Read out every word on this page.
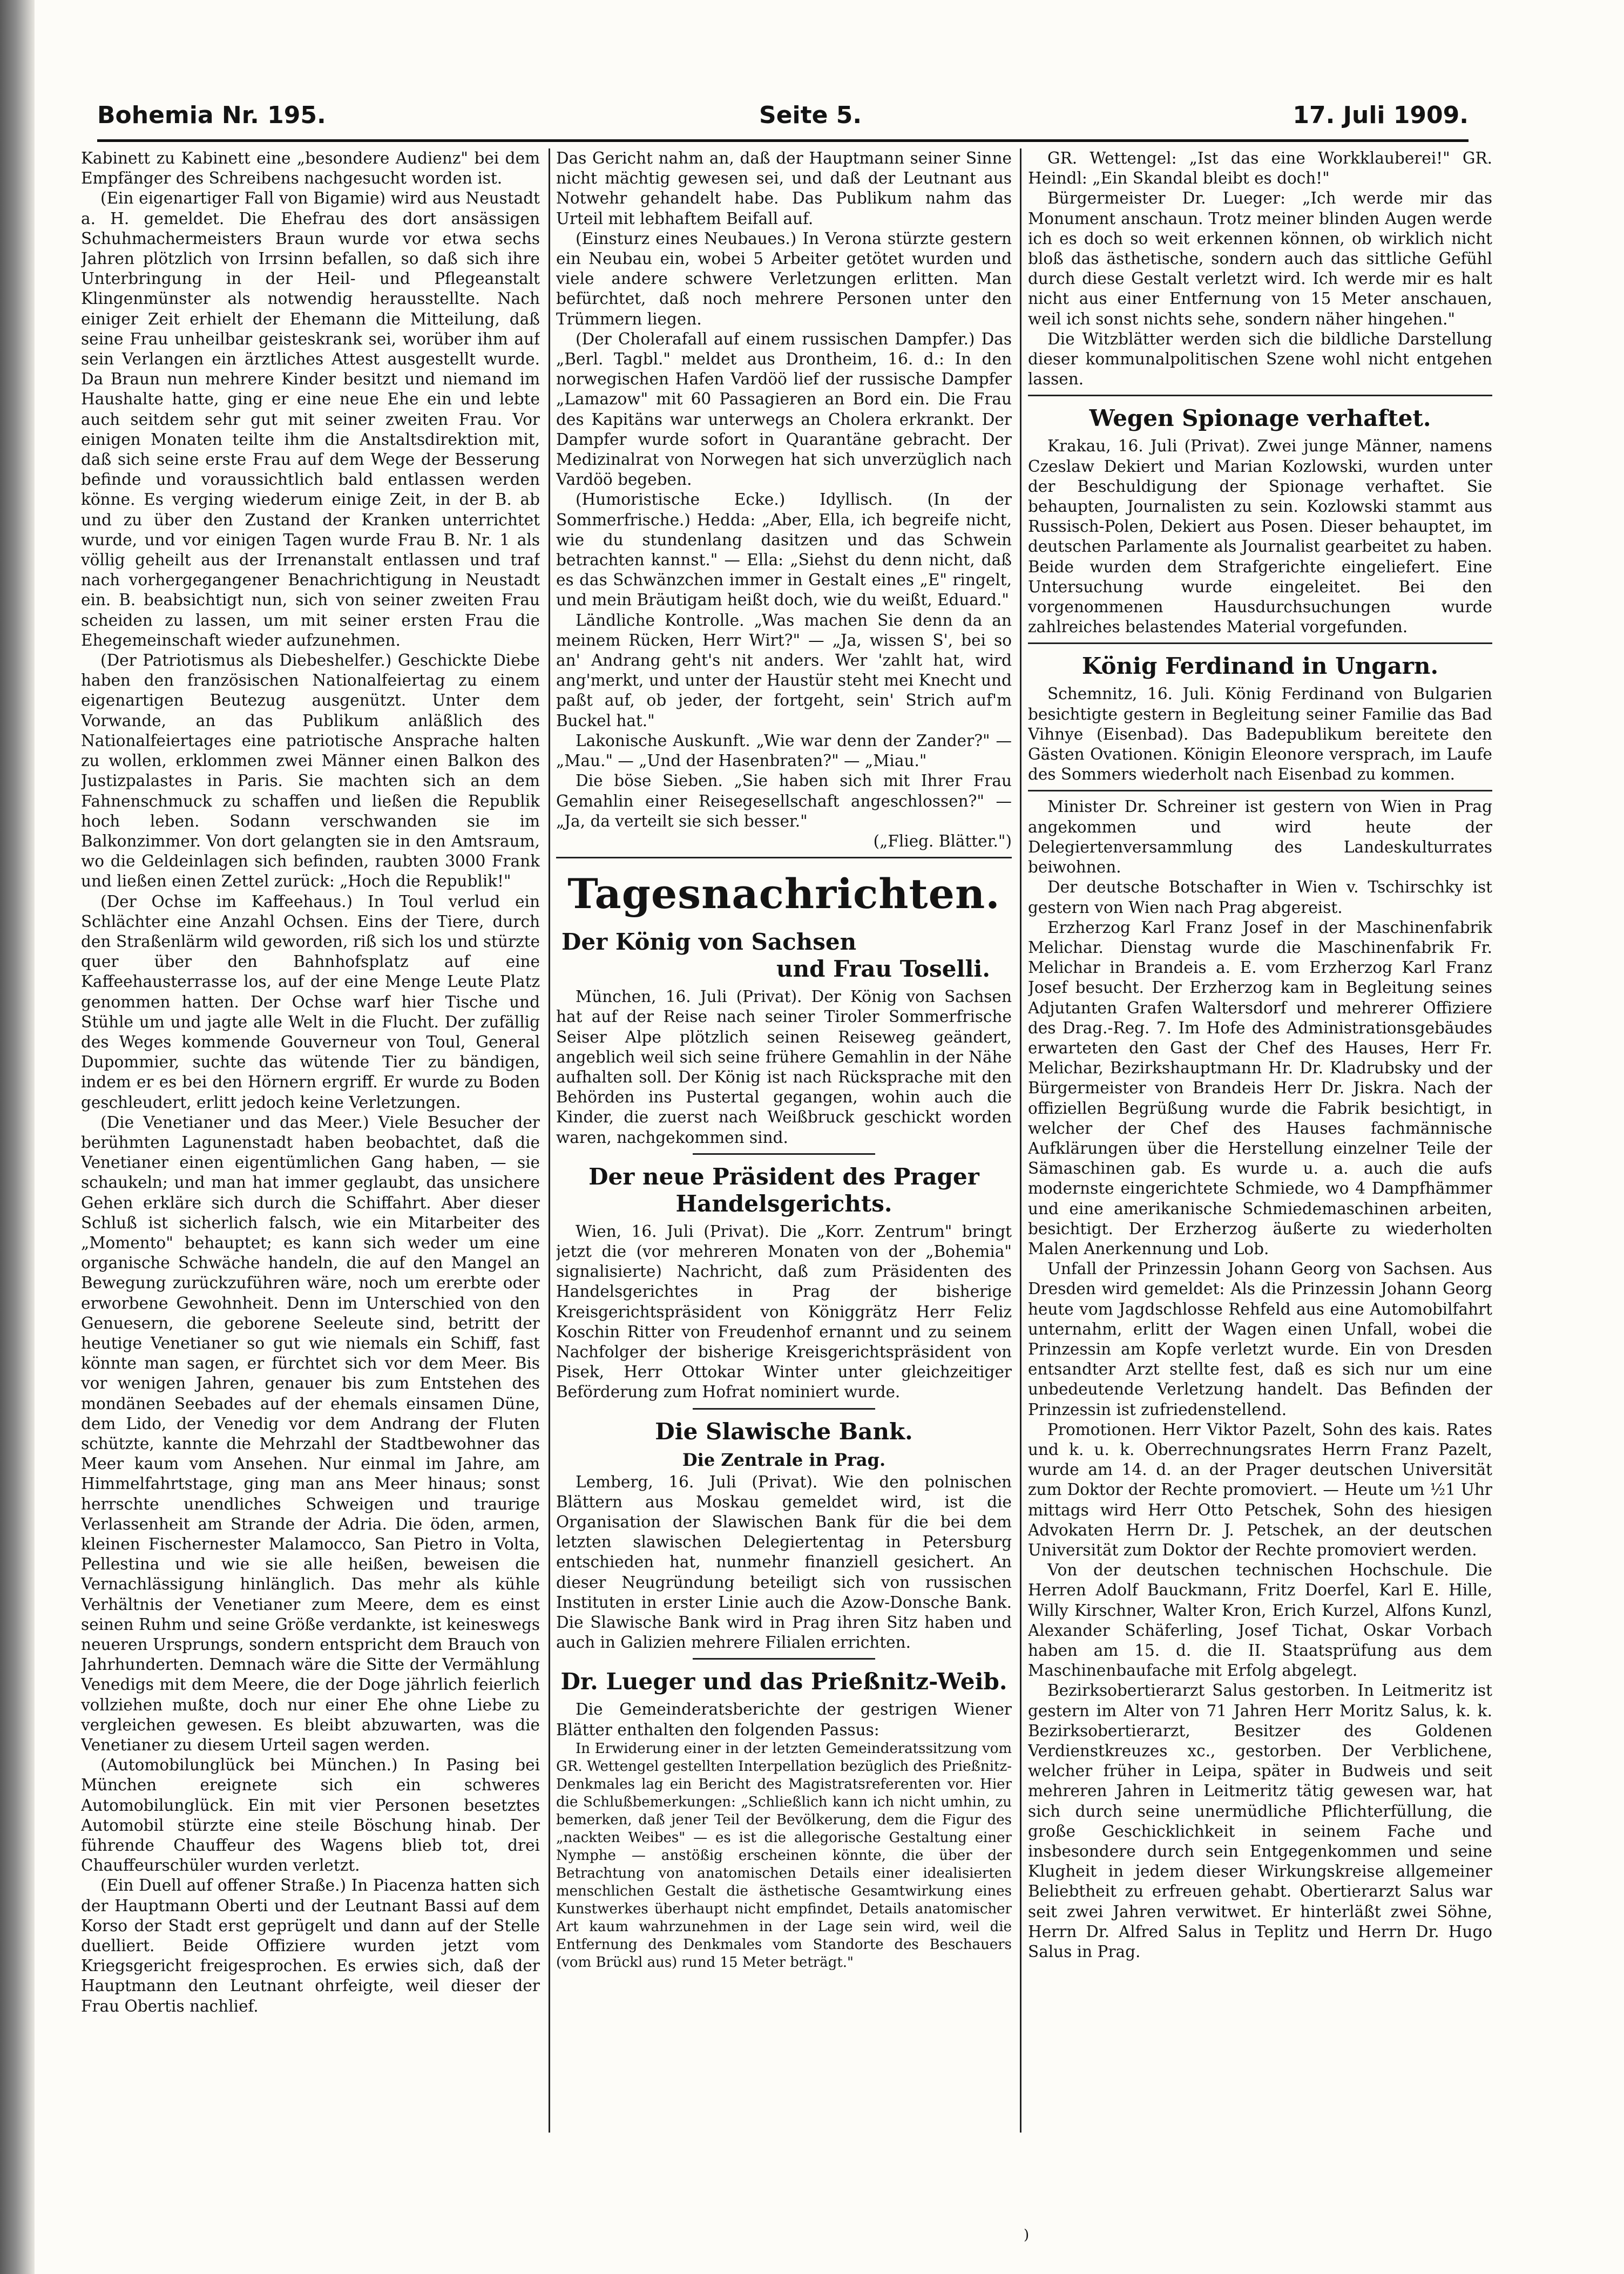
Bohemia Nr. 195.	Seite 5.	17. Juli 1909.

Kabinett zu Kabinett eine „besondere Audienz" bei dem Empfänger des Schreibens nachgesucht worden ist.

(Ein eigenartiger Fall von Bigamie) wird aus Neustadt a. H. gemeldet. Die Ehefrau des dort ansässigen Schuhmachermeisters Braun wurde vor etwa sechs Jahren plötzlich von Irrsinn befallen, so daß sich ihre Unterbringung in der Heil- und Pflegeanstalt Klingenmünster als notwendig herausstellte. Nach einiger Zeit erhielt der Ehemann die Mitteilung, daß seine Frau unheilbar geisteskrank sei, worüber ihm auf sein Verlangen ein ärztliches Attest ausgestellt wurde. Da Braun nun mehrere Kinder besitzt und niemand im Haushalte hatte, ging er eine neue Ehe ein und lebte auch seitdem sehr gut mit seiner zweiten Frau. Vor einigen Monaten teilte ihm die Anstaltsdirektion mit, daß sich seine erste Frau auf dem Wege der Besserung befinde und voraussichtlich bald entlassen werden könne. Es verging wiederum einige Zeit, in der B. ab und zu über den Zustand der Kranken unterrichtet wurde, und vor einigen Tagen wurde Frau B. Nr. 1 als völlig geheilt aus der Irrenanstalt entlassen und traf nach vorhergegangener Benachrichtigung in Neustadt ein. B. beabsichtigt nun, sich von seiner zweiten Frau scheiden zu lassen, um mit seiner ersten Frau die Ehegemeinschaft wieder aufzunehmen.

(Der Patriotismus als Diebeshelfer.) Geschickte Diebe haben den französischen Nationalfeiertag zu einem eigenartigen Beutezug ausgenützt. Unter dem Vorwande, an das Publikum anläßlich des Nationalfeiertages eine patriotische Ansprache halten zu wollen, erklommen zwei Männer einen Balkon des Justizpalastes in Paris. Sie machten sich an dem Fahnenschmuck zu schaffen und ließen die Republik hoch leben. Sodann verschwanden sie im Balkonzimmer. Von dort gelangten sie in den Amtsraum, wo die Geldeinlagen sich befinden, raubten 3000 Frank und ließen einen Zettel zurück: „Hoch die Republik!"

(Der Ochse im Kaffeehaus.) In Toul verlud ein Schlächter eine Anzahl Ochsen. Eins der Tiere, durch den Straßenlärm wild geworden, riß sich los und stürzte quer über den Bahnhofsplatz auf eine Kaffeehausterrasse los, auf der eine Menge Leute Platz genommen hatten. Der Ochse warf hier Tische und Stühle um und jagte alle Welt in die Flucht. Der zufällig des Weges kommende Gouverneur von Toul, General Dupommier, suchte das wütende Tier zu bändigen, indem er es bei den Hörnern ergriff. Er wurde zu Boden geschleudert, erlitt jedoch keine Verletzungen.

(Die Venetianer und das Meer.) Viele Besucher der berühmten Lagunenstadt haben beobachtet, daß die Venetianer einen eigentümlichen Gang haben, — sie schaukeln; und man hat immer geglaubt, das unsichere Gehen erkläre sich durch die Schiffahrt. Aber dieser Schluß ist sicherlich falsch, wie ein Mitarbeiter des „Momento" behauptet; es kann sich weder um eine organische Schwäche handeln, die auf den Mangel an Bewegung zurückzuführen wäre, noch um ererbte oder erworbene Gewohnheit. Denn im Unterschied von den Genuesern, die geborene Seeleute sind, betritt der heutige Venetianer so gut wie niemals ein Schiff, fast könnte man sagen, er fürchtet sich vor dem Meer. Bis vor wenigen Jahren, genauer bis zum Entstehen des mondänen Seebades auf der ehemals einsamen Düne, dem Lido, der Venedig vor dem Andrang der Fluten schützte, kannte die Mehrzahl der Stadtbewohner das Meer kaum vom Ansehen. Nur einmal im Jahre, am Himmelfahrtstage, ging man ans Meer hinaus; sonst herrschte unendliches Schweigen und traurige Verlassenheit am Strande der Adria. Die öden, armen, kleinen Fischernester Malamocco, San Pietro in Volta, Pellestina und wie sie alle heißen, beweisen die Vernachlässigung hinlänglich. Das mehr als kühle Verhältnis der Venetianer zum Meere, dem es einst seinen Ruhm und seine Größe verdankte, ist keineswegs neueren Ursprungs, sondern entspricht dem Brauch von Jahrhunderten. Demnach wäre die Sitte der Vermählung Venedigs mit dem Meere, die der Doge jährlich feierlich vollziehen mußte, doch nur einer Ehe ohne Liebe zu vergleichen gewesen. Es bleibt abzuwarten, was die Venetianer zu diesem Urteil sagen werden.

(Automobilunglück bei München.) In Pasing bei München ereignete sich ein schweres Automobilunglück. Ein mit vier Personen besetztes Automobil stürzte eine steile Böschung hinab. Der führende Chauffeur des Wagens blieb tot, drei Chauffeurschüler wurden verletzt.

(Ein Duell auf offener Straße.) In Piacenza hatten sich der Hauptmann Oberti und der Leutnant Bassi auf dem Korso der Stadt erst geprügelt und dann auf der Stelle duelliert. Beide Offiziere wurden jetzt vom Kriegsgericht freigesprochen. Es erwies sich, daß der Hauptmann den Leutnant ohrfeigte, weil dieser der Frau Obertis nachlief.

Das Gericht nahm an, daß der Hauptmann seiner Sinne nicht mächtig gewesen sei, und daß der Leutnant aus Notwehr gehandelt habe. Das Publikum nahm das Urteil mit lebhaftem Beifall auf.

(Einsturz eines Neubaues.) In Verona stürzte gestern ein Neubau ein, wobei 5 Arbeiter getötet wurden und viele andere schwere Verletzungen erlitten. Man befürchtet, daß noch mehrere Personen unter den Trümmern liegen.

(Der Cholerafall auf einem russischen Dampfer.) Das „Berl. Tagbl." meldet aus Drontheim, 16. d.: In den norwegischen Hafen Vardöö lief der russische Dampfer „Lamazow" mit 60 Passagieren an Bord ein. Die Frau des Kapitäns war unterwegs an Cholera erkrankt. Der Dampfer wurde sofort in Quarantäne gebracht. Der Medizinalrat von Norwegen hat sich unverzüglich nach Vardöö begeben.

(Humoristische Ecke.) Idyllisch. (In der Sommerfrische.) Hedda: „Aber, Ella, ich begreife nicht, wie du stundenlang dasitzen und das Schwein betrachten kannst." — Ella: „Siehst du denn nicht, daß es das Schwänzchen immer in Gestalt eines „E" ringelt, und mein Bräutigam heißt doch, wie du weißt, Eduard."

Ländliche Kontrolle. „Was machen Sie denn da an meinem Rücken, Herr Wirt?" — „Ja, wissen S', bei so an' Andrang geht's nit anders. Wer 'zahlt hat, wird ang'merkt, und unter der Haustür steht mei Knecht und paßt auf, ob jeder, der fortgeht, sein' Strich auf'm Buckel hat."

Lakonische Auskunft. „Wie war denn der Zander?" — „Mau." — „Und der Hasenbraten?" — „Miau."

Die böse Sieben. „Sie haben sich mit Ihrer Frau Gemahlin einer Reisegesellschaft angeschlossen?" — „Ja, da verteilt sie sich besser."

(„Flieg. Blätter.")

Tagesnachrichten.
Der König von Sachsen
und Frau Toselli.

München, 16. Juli (Privat). Der König von Sachsen hat auf der Reise nach seiner Tiroler Sommerfrische Seiser Alpe plötzlich seinen Reiseweg geändert, angeblich weil sich seine frühere Gemahlin in der Nähe aufhalten soll. Der König ist nach Rücksprache mit den Behörden ins Pustertal gegangen, wohin auch die Kinder, die zuerst nach Weißbruck geschickt worden waren, nachgekommen sind.

Der neue Präsident des Prager
Handelsgerichts.

Wien, 16. Juli (Privat). Die „Korr. Zentrum" bringt jetzt die (vor mehreren Monaten von der „Bohemia" signalisierte) Nachricht, daß zum Präsidenten des Handelsgerichtes in Prag der bisherige Kreisgerichtspräsident von Königgrätz Herr Feliz Koschin Ritter von Freudenhof ernannt und zu seinem Nachfolger der bisherige Kreisgerichtspräsident von Pisek, Herr Ottokar Winter unter gleichzeitiger Beförderung zum Hofrat nominiert wurde.

Die Slawische Bank.
Die Zentrale in Prag.

Lemberg, 16. Juli (Privat). Wie den polnischen Blättern aus Moskau gemeldet wird, ist die Organisation der Slawischen Bank für die bei dem letzten slawischen Delegiertentag in Petersburg entschieden hat, nunmehr finanziell gesichert. An dieser Neugründung beteiligt sich von russischen Instituten in erster Linie auch die Azow-Donsche Bank. Die Slawische Bank wird in Prag ihren Sitz haben und auch in Galizien mehrere Filialen errichten.

Dr. Lueger und das Prießnitz-Weib.

Die Gemeinderatsberichte der gestrigen Wiener Blätter enthalten den folgenden Passus:

In Erwiderung einer in der letzten Gemeinderatssitzung vom GR. Wettengel gestellten Interpellation bezüglich des Prießnitz-Denkmales lag ein Bericht des Magistratsreferenten vor. Hier die Schlußbemerkungen: „Schließlich kann ich nicht umhin, zu bemerken, daß jener Teil der Bevölkerung, dem die Figur des „nackten Weibes" — es ist die allegorische Gestaltung einer Nymphe — anstößig erscheinen könnte, die über der Betrachtung von anatomischen Details einer idealisierten menschlichen Gestalt die ästhetische Gesamtwirkung eines Kunstwerkes überhaupt nicht empfindet, Details anatomischer Art kaum wahrzunehmen in der Lage sein wird, weil die Entfernung des Denkmales vom Standorte des Beschauers (vom Brückl aus) rund 15 Meter beträgt."

GR. Wettengel: „Ist das eine Workklauberei!" GR. Heindl: „Ein Skandal bleibt es doch!"

Bürgermeister Dr. Lueger: „Ich werde mir das Monument anschaun. Trotz meiner blinden Augen werde ich es doch so weit erkennen können, ob wirklich nicht bloß das ästhetische, sondern auch das sittliche Gefühl durch diese Gestalt verletzt wird. Ich werde mir es halt nicht aus einer Entfernung von 15 Meter anschauen, weil ich sonst nichts sehe, sondern näher hingehen."

Die Witzblätter werden sich die bildliche Darstellung dieser kommunalpolitischen Szene wohl nicht entgehen lassen.

Wegen Spionage verhaftet.

Krakau, 16. Juli (Privat). Zwei junge Männer, namens Czeslaw Dekiert und Marian Kozlowski, wurden unter der Beschuldigung der Spionage verhaftet. Sie behaupten, Journalisten zu sein. Kozlowski stammt aus Russisch-Polen, Dekiert aus Posen. Dieser behauptet, im deutschen Parlamente als Journalist gearbeitet zu haben. Beide wurden dem Strafgerichte eingeliefert. Eine Untersuchung wurde eingeleitet. Bei den vorgenommenen Hausdurchsuchungen wurde zahlreiches belastendes Material vorgefunden.

König Ferdinand in Ungarn.

Schemnitz, 16. Juli. König Ferdinand von Bulgarien besichtigte gestern in Begleitung seiner Familie das Bad Vihnye (Eisenbad). Das Badepublikum bereitete den Gästen Ovationen. Königin Eleonore versprach, im Laufe des Sommers wiederholt nach Eisenbad zu kommen.

Minister Dr. Schreiner ist gestern von Wien in Prag angekommen und wird heute der Delegiertenversammlung des Landeskulturrates beiwohnen.

Der deutsche Botschafter in Wien v. Tschirschky ist gestern von Wien nach Prag abgereist.

Erzherzog Karl Franz Josef in der Maschinenfabrik Melichar. Dienstag wurde die Maschinenfabrik Fr. Melichar in Brandeis a. E. vom Erzherzog Karl Franz Josef besucht. Der Erzherzog kam in Begleitung seines Adjutanten Grafen Waltersdorf und mehrerer Offiziere des Drag.-Reg. 7. Im Hofe des Administrationsgebäudes erwarteten den Gast der Chef des Hauses, Herr Fr. Melichar, Bezirkshauptmann Hr. Dr. Kladrubsky und der Bürgermeister von Brandeis Herr Dr. Jiskra. Nach der offiziellen Begrüßung wurde die Fabrik besichtigt, in welcher der Chef des Hauses fachmännische Aufklärungen über die Herstellung einzelner Teile der Sämaschinen gab. Es wurde u. a. auch die aufs modernste eingerichtete Schmiede, wo 4 Dampfhämmer und eine amerikanische Schmiedemaschinen arbeiten, besichtigt. Der Erzherzog äußerte zu wiederholten Malen Anerkennung und Lob.

Unfall der Prinzessin Johann Georg von Sachsen. Aus Dresden wird gemeldet: Als die Prinzessin Johann Georg heute vom Jagdschlosse Rehfeld aus eine Automobilfahrt unternahm, erlitt der Wagen einen Unfall, wobei die Prinzessin am Kopfe verletzt wurde. Ein von Dresden entsandter Arzt stellte fest, daß es sich nur um eine unbedeutende Verletzung handelt. Das Befinden der Prinzessin ist zufriedenstellend.

Promotionen. Herr Viktor Pazelt, Sohn des kais. Rates und k. u. k. Oberrechnungsrates Herrn Franz Pazelt, wurde am 14. d. an der Prager deutschen Universität zum Doktor der Rechte promoviert. — Heute um ½1 Uhr mittags wird Herr Otto Petschek, Sohn des hiesigen Advokaten Herrn Dr. J. Petschek, an der deutschen Universität zum Doktor der Rechte promoviert werden.

Von der deutschen technischen Hochschule. Die Herren Adolf Bauckmann, Fritz Doerfel, Karl E. Hille, Willy Kirschner, Walter Kron, Erich Kurzel, Alfons Kunzl, Alexander Schäferling, Josef Tichat, Oskar Vorbach haben am 15. d. die II. Staatsprüfung aus dem Maschinenbaufache mit Erfolg abgelegt.

Bezirksobertierarzt Salus gestorben. In Leitmeritz ist gestern im Alter von 71 Jahren Herr Moritz Salus, k. k. Bezirksobertierarzt, Besitzer des Goldenen Verdienstkreuzes xc., gestorben. Der Verblichene, welcher früher in Leipa, später in Budweis und seit mehreren Jahren in Leitmeritz tätig gewesen war, hat sich durch seine unermüdliche Pflichterfüllung, die große Geschicklichkeit in seinem Fache und insbesondere durch sein Entgegenkommen und seine Klugheit in jedem dieser Wirkungskreise allgemeiner Beliebtheit zu erfreuen gehabt. Obertierarzt Salus war seit zwei Jahren verwitwet. Er hinterläßt zwei Söhne, Herrn Dr. Alfred Salus in Teplitz und Herrn Dr. Hugo Salus in Prag.

)
